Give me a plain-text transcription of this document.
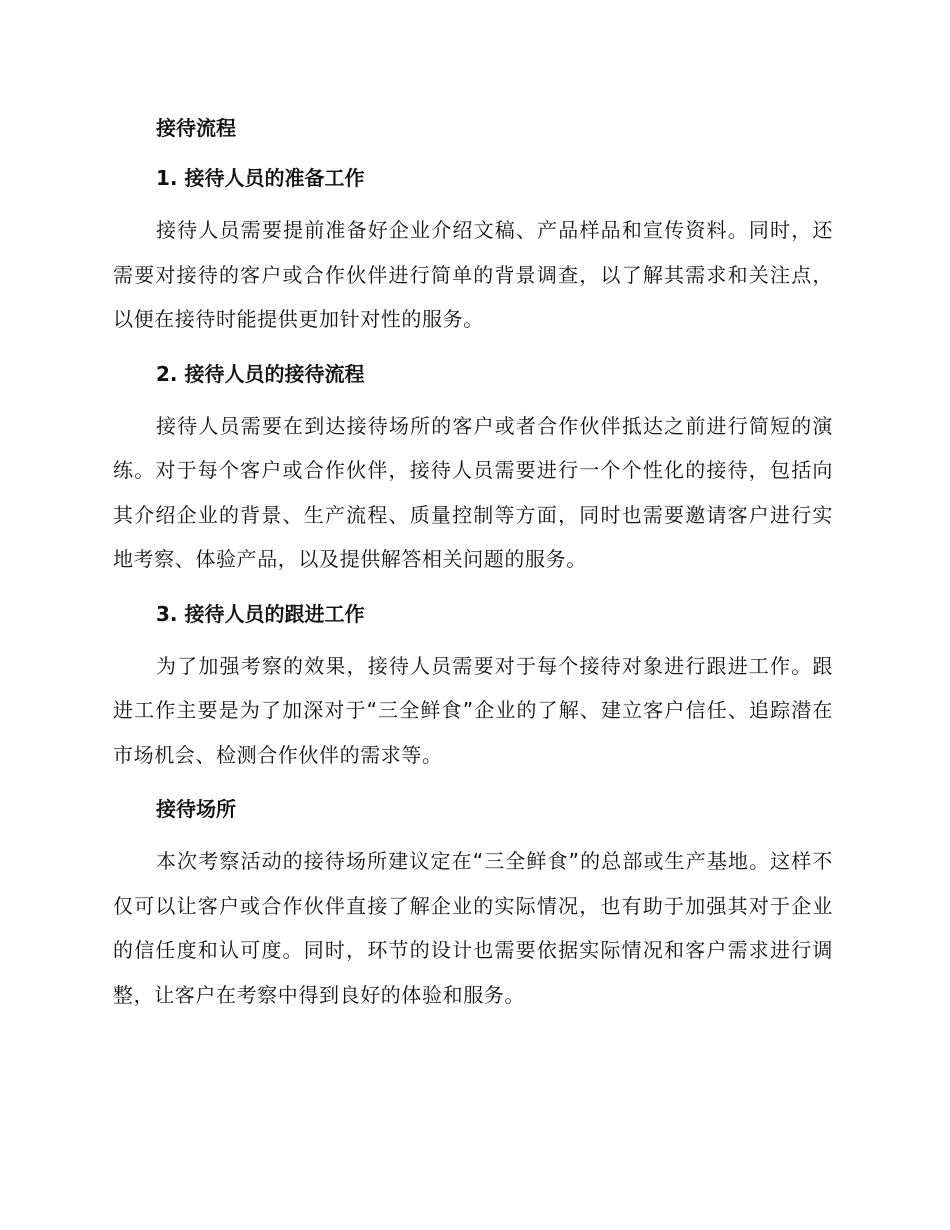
接待流程
1. 接待人员的准备工作

接待人员需要提前准备好企业介绍文稿、产品样品和宣传资料。同时，还需要对接待的客户或合作伙伴进行简单的背景调查，以了解其需求和关注点，以便在接待时能提供更加针对性的服务。

2. 接待人员的接待流程

接待人员需要在到达接待场所的客户或者合作伙伴抵达之前进行简短的演练。对于每个客户或合作伙伴，接待人员需要进行一个个性化的接待，包括向其介绍企业的背景、生产流程、质量控制等方面，同时也需要邀请客户进行实地考察、体验产品，以及提供解答相关问题的服务。

3. 接待人员的跟进工作

为了加强考察的效果，接待人员需要对于每个接待对象进行跟进工作。跟进工作主要是为了加深对于“三全鲜食”企业的了解、建立客户信任、追踪潜在市场机会、检测合作伙伴的需求等。

接待场所

本次考察活动的接待场所建议定在“三全鲜食”的总部或生产基地。这样不仅可以让客户或合作伙伴直接了解企业的实际情况，也有助于加强其对于企业的信任度和认可度。同时，环节的设计也需要依据实际情况和客户需求进行调整，让客户在考察中得到良好的体验和服务。
